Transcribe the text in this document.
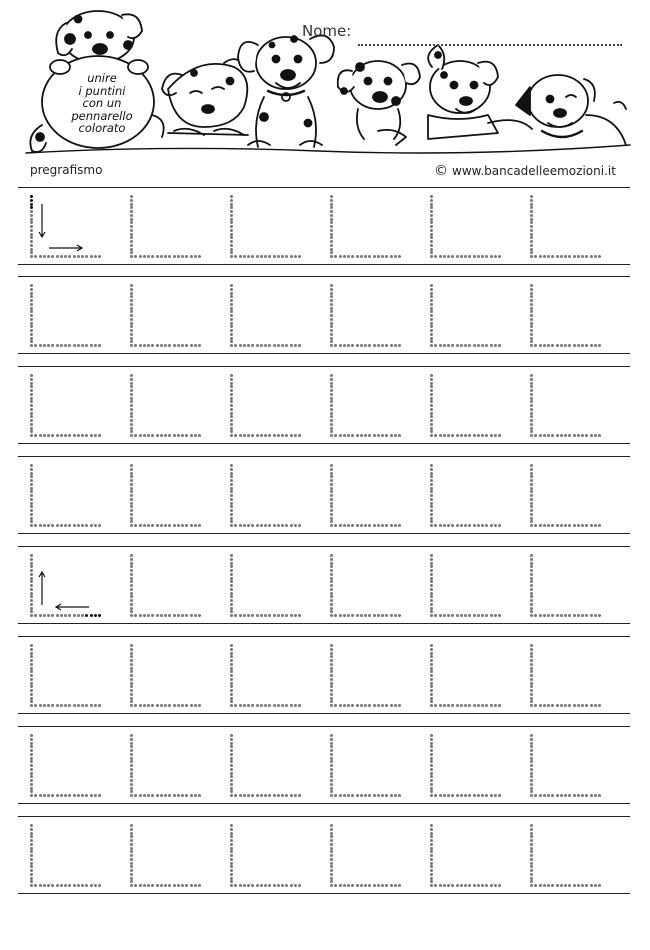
Nome:
unire
i puntini
con un
pennarello
colorato
pregrafismo	© www.bancadelleemozioni.it
